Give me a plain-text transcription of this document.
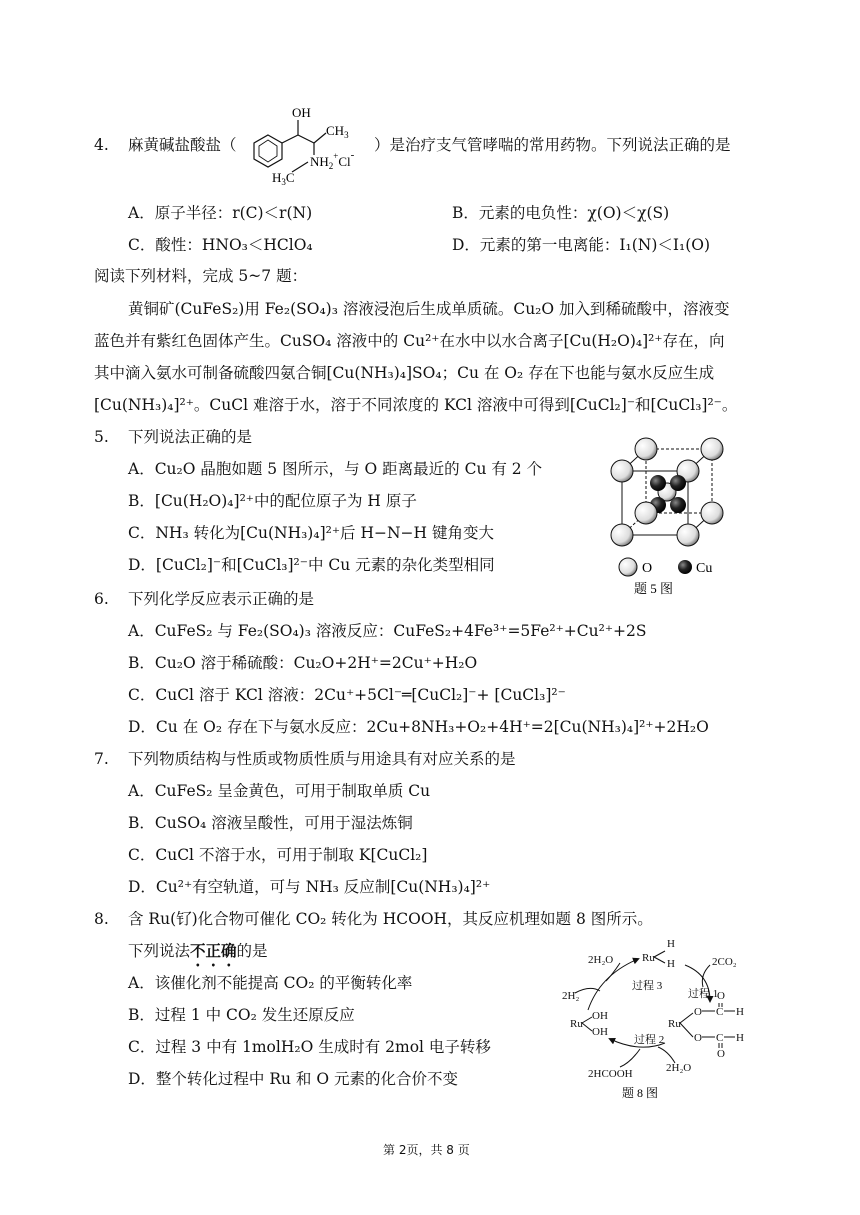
4. 麻黄碱盐酸盐（
OH
$CH_3$
$NH_2^+Cl^-$
$H_3C$
）是治疗支气管哮喘的常用药物。下列说法正确的是
A．原子半径：r(C)＜r(N)	B．元素的电负性：χ(O)＜χ(S)
C．酸性：HNO₃＜HClO₄	D．元素的第一电离能：I₁(N)＜I₁(O)
阅读下列材料，完成 5~7 题：
黄铜矿(CuFeS₂)用 Fe₂(SO₄)₃ 溶液浸泡后生成单质硫。Cu₂O 加入到稀硫酸中，溶液变
蓝色并有紫红色固体产生。CuSO₄ 溶液中的 Cu²⁺在水中以水合离子[Cu(H₂O)₄]²⁺存在，向
其中滴入氨水可制备硫酸四氨合铜[Cu(NH₃)₄]SO₄；Cu 在 O₂ 存在下也能与氨水反应生成
[Cu(NH₃)₄]²⁺。CuCl 难溶于水，溶于不同浓度的 KCl 溶液中可得到[CuCl₂]⁻和[CuCl₃]²⁻。
5. 下列说法正确的是
A．Cu₂O 晶胞如题 5 图所示，与 O 距离最近的 Cu 有 2 个
B．[Cu(H₂O)₄]²⁺中的配位原子为 H 原子
C．NH₃ 转化为[Cu(NH₃)₄]²⁺后 H−N−H 键角变大
D．[CuCl₂]⁻和[CuCl₃]²⁻中 Cu 元素的杂化类型相同	O	Cu
题 5 图
6. 下列化学反应表示正确的是
A．CuFeS₂ 与 Fe₂(SO₄)₃ 溶液反应：CuFeS₂+4Fe³⁺=5Fe²⁺+Cu²⁺+2S
B．Cu₂O 溶于稀硫酸：Cu₂O+2H⁺=2Cu⁺+H₂O
C．CuCl 溶于 KCl 溶液：2Cu⁺+5Cl⁻═[CuCl₂]⁻+ [CuCl₃]²⁻
D．Cu 在 O₂ 存在下与氨水反应：2Cu+8NH₃+O₂+4H⁺=2[Cu(NH₃)₄]²⁺+2H₂O
7. 下列物质结构与性质或物质性质与用途具有对应关系的是
A．CuFeS₂ 呈金黄色，可用于制取单质 Cu
B．CuSO₄ 溶液呈酸性，可用于湿法炼铜
C．CuCl 不溶于水，可用于制取 K[CuCl₂]
D．Cu²⁺有空轨道，可与 NH₃ 反应制[Cu(NH₃)₄]²⁺
8. 含 Ru(钌)化合物可催化 CO₂ 转化为 HCOOH，其反应机理如题 8 图所示。
下列说法不正确的是
A．该催化剂不能提高 CO₂ 的平衡转化率
B．过程 1 中 CO₂ 发生还原反应
C．过程 3 中有 1molH₂O 生成时有 2mol 电子转移
D．整个转化过程中 Ru 和 O 元素的化合价不变
2H₂O	Ru
H
H	2CO₂
过程 3
过程 1
2H₂
Ru
OH
OH
Ru
O
O
C
C
H
H
O
O
过程 2
2HCOOH	2H₂O
题 8 图
第 2页，共 8 页
